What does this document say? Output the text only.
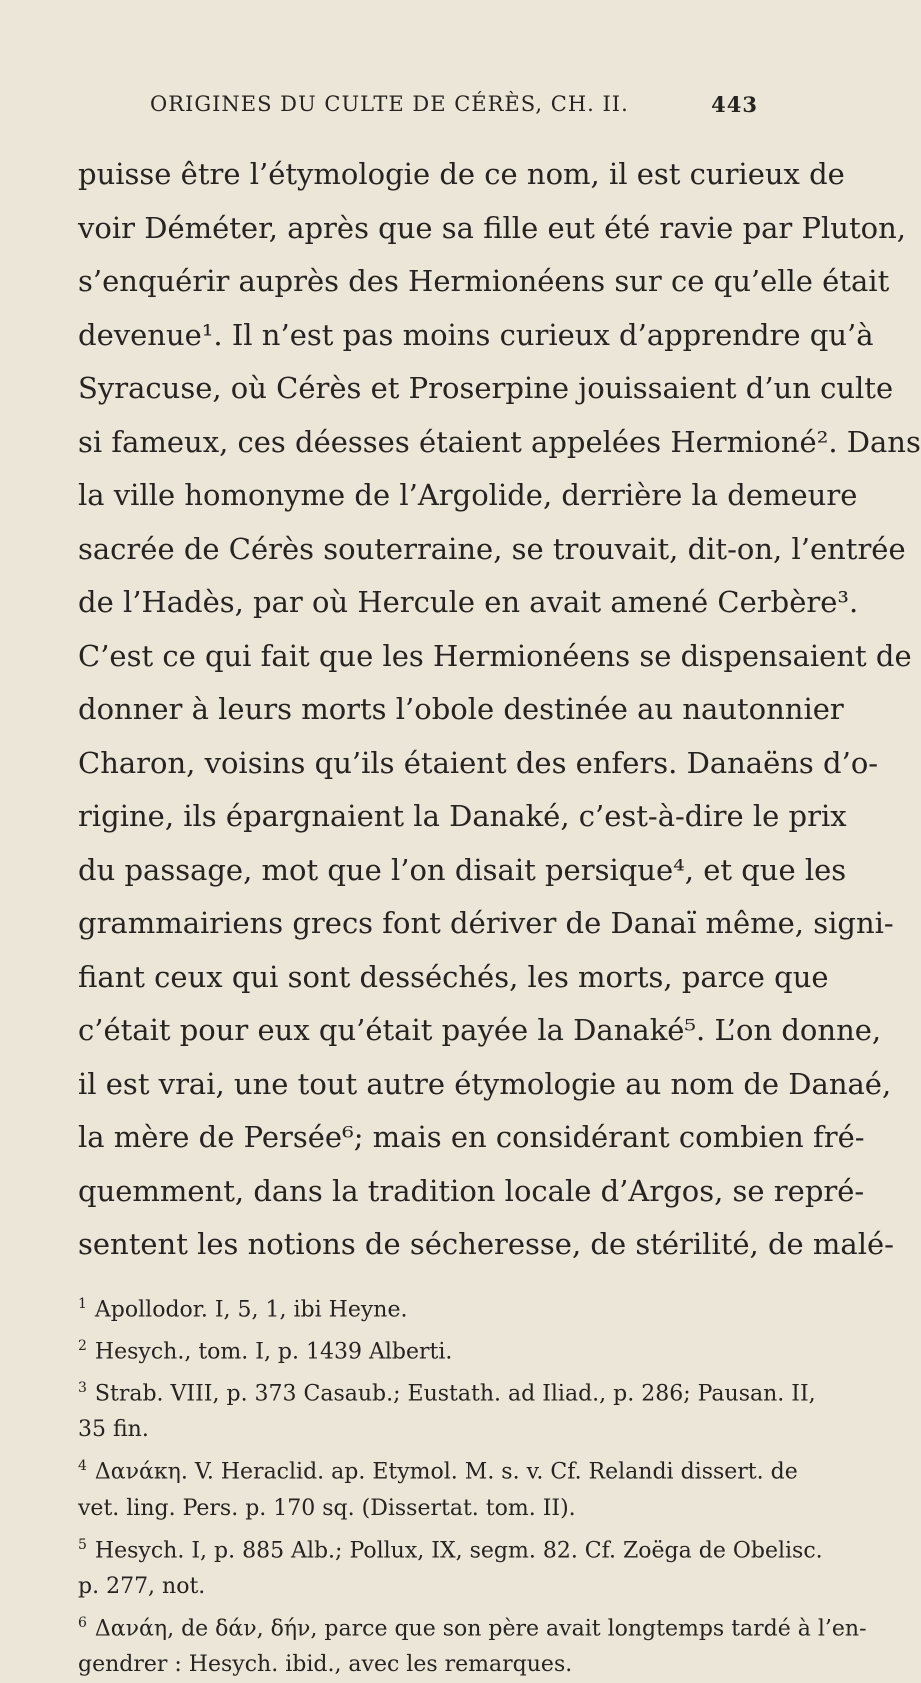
ORIGINES DU CULTE DE CÉRÈS, CH. II.	443
puisse être l’étymologie de ce nom, il est curieux de
voir Déméter, après que sa fille eut été ravie par Pluton,
s’enquérir auprès des Hermionéens sur ce qu’elle était
devenue¹. Il n’est pas moins curieux d’apprendre qu’à
Syracuse, où Cérès et Proserpine jouissaient d’un culte
si fameux, ces déesses étaient appelées Hermioné². Dans
la ville homonyme de l’Argolide, derrière la demeure
sacrée de Cérès souterraine, se trouvait, dit-on, l’entrée
de l’Hadès, par où Hercule en avait amené Cerbère³.
C’est ce qui fait que les Hermionéens se dispensaient de
donner à leurs morts l’obole destinée au nautonnier
Charon, voisins qu’ils étaient des enfers. Danaëns d’o-
rigine, ils épargnaient la Danaké, c’est-à-dire le prix
du passage, mot que l’on disait persique⁴, et que les
grammairiens grecs font dériver de Danaï même, signi-
fiant ceux qui sont desséchés, les morts, parce que
c’était pour eux qu’était payée la Danaké⁵. L’on donne,
il est vrai, une tout autre étymologie au nom de Danaé,
la mère de Persée⁶; mais en considérant combien fré-
quemment, dans la tradition locale d’Argos, se repré-
sentent les notions de sécheresse, de stérilité, de malé-
$^1$ Apollodor. I, 5, 1, ibi Heyne.
$^2$ Hesych., tom. I, p. 1439 Alberti.
$^3$ Strab. VIII, p. 373 Casaub.; Eustath. ad Iliad., p. 286; Pausan. II,
35 fin.
$^4$ Δανάκη. V. Heraclid. ap. Etymol. M. s. v. Cf. Relandi dissert. de
vet. ling. Pers. p. 170 sq. (Dissertat. tom. II).
$^5$ Hesych. I, p. 885 Alb.; Pollux, IX, segm. 82. Cf. Zoëga de Obelisc.
p. 277, not.
$^6$ Δανάη, de δάν, δήν, parce que son père avait longtemps tardé à l’en-
gendrer : Hesych. ibid., avec les remarques.
